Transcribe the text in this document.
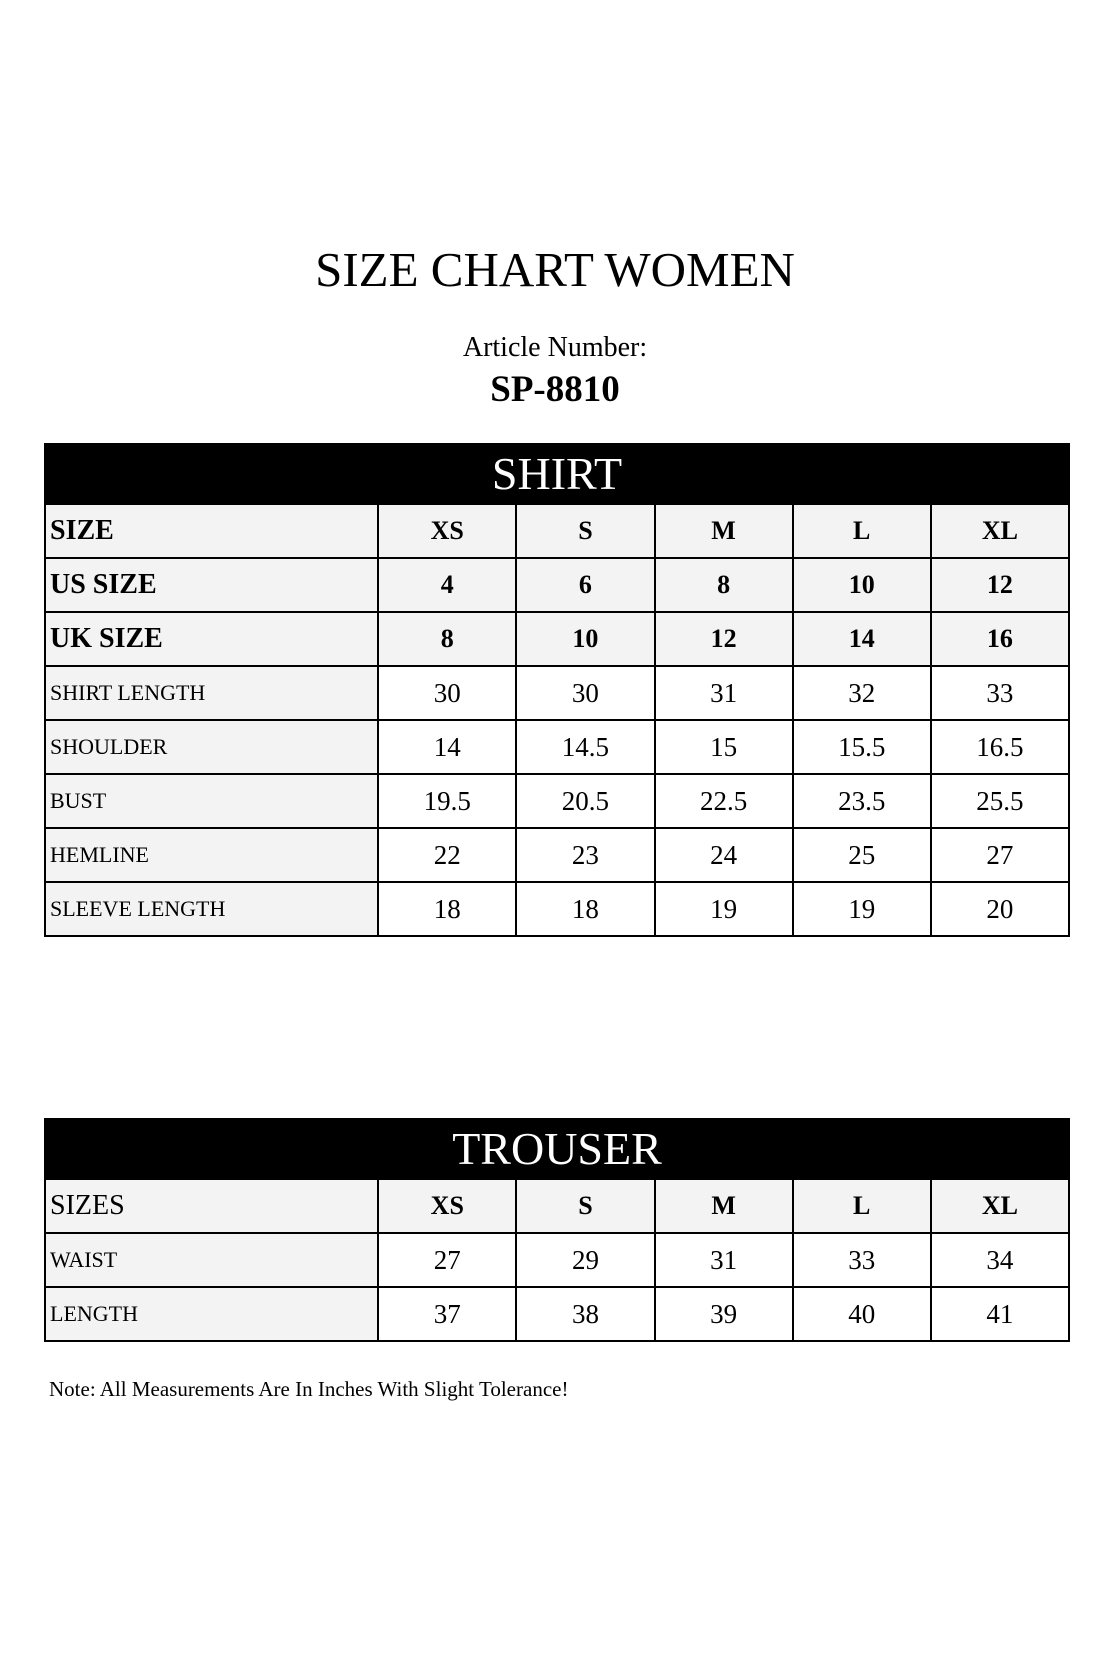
SIZE CHART WOMEN
Article Number:
SP-8810
SHIRT					
SIZE	XS	S	M	L	XL
US SIZE	4	6	8	10	12
UK SIZE	8	10	12	14	16
SHIRT LENGTH	30	30	31	32	33
SHOULDER	14	14.5	15	15.5	16.5
BUST	19.5	20.5	22.5	23.5	25.5
HEMLINE	22	23	24	25	27
SLEEVE LENGTH	18	18	19	19	20
TROUSER					
SIZES	XS	S	M	L	XL
WAIST	27	29	31	33	34
LENGTH	37	38	39	40	41
Note: All Measurements Are In Inches With Slight Tolerance!
